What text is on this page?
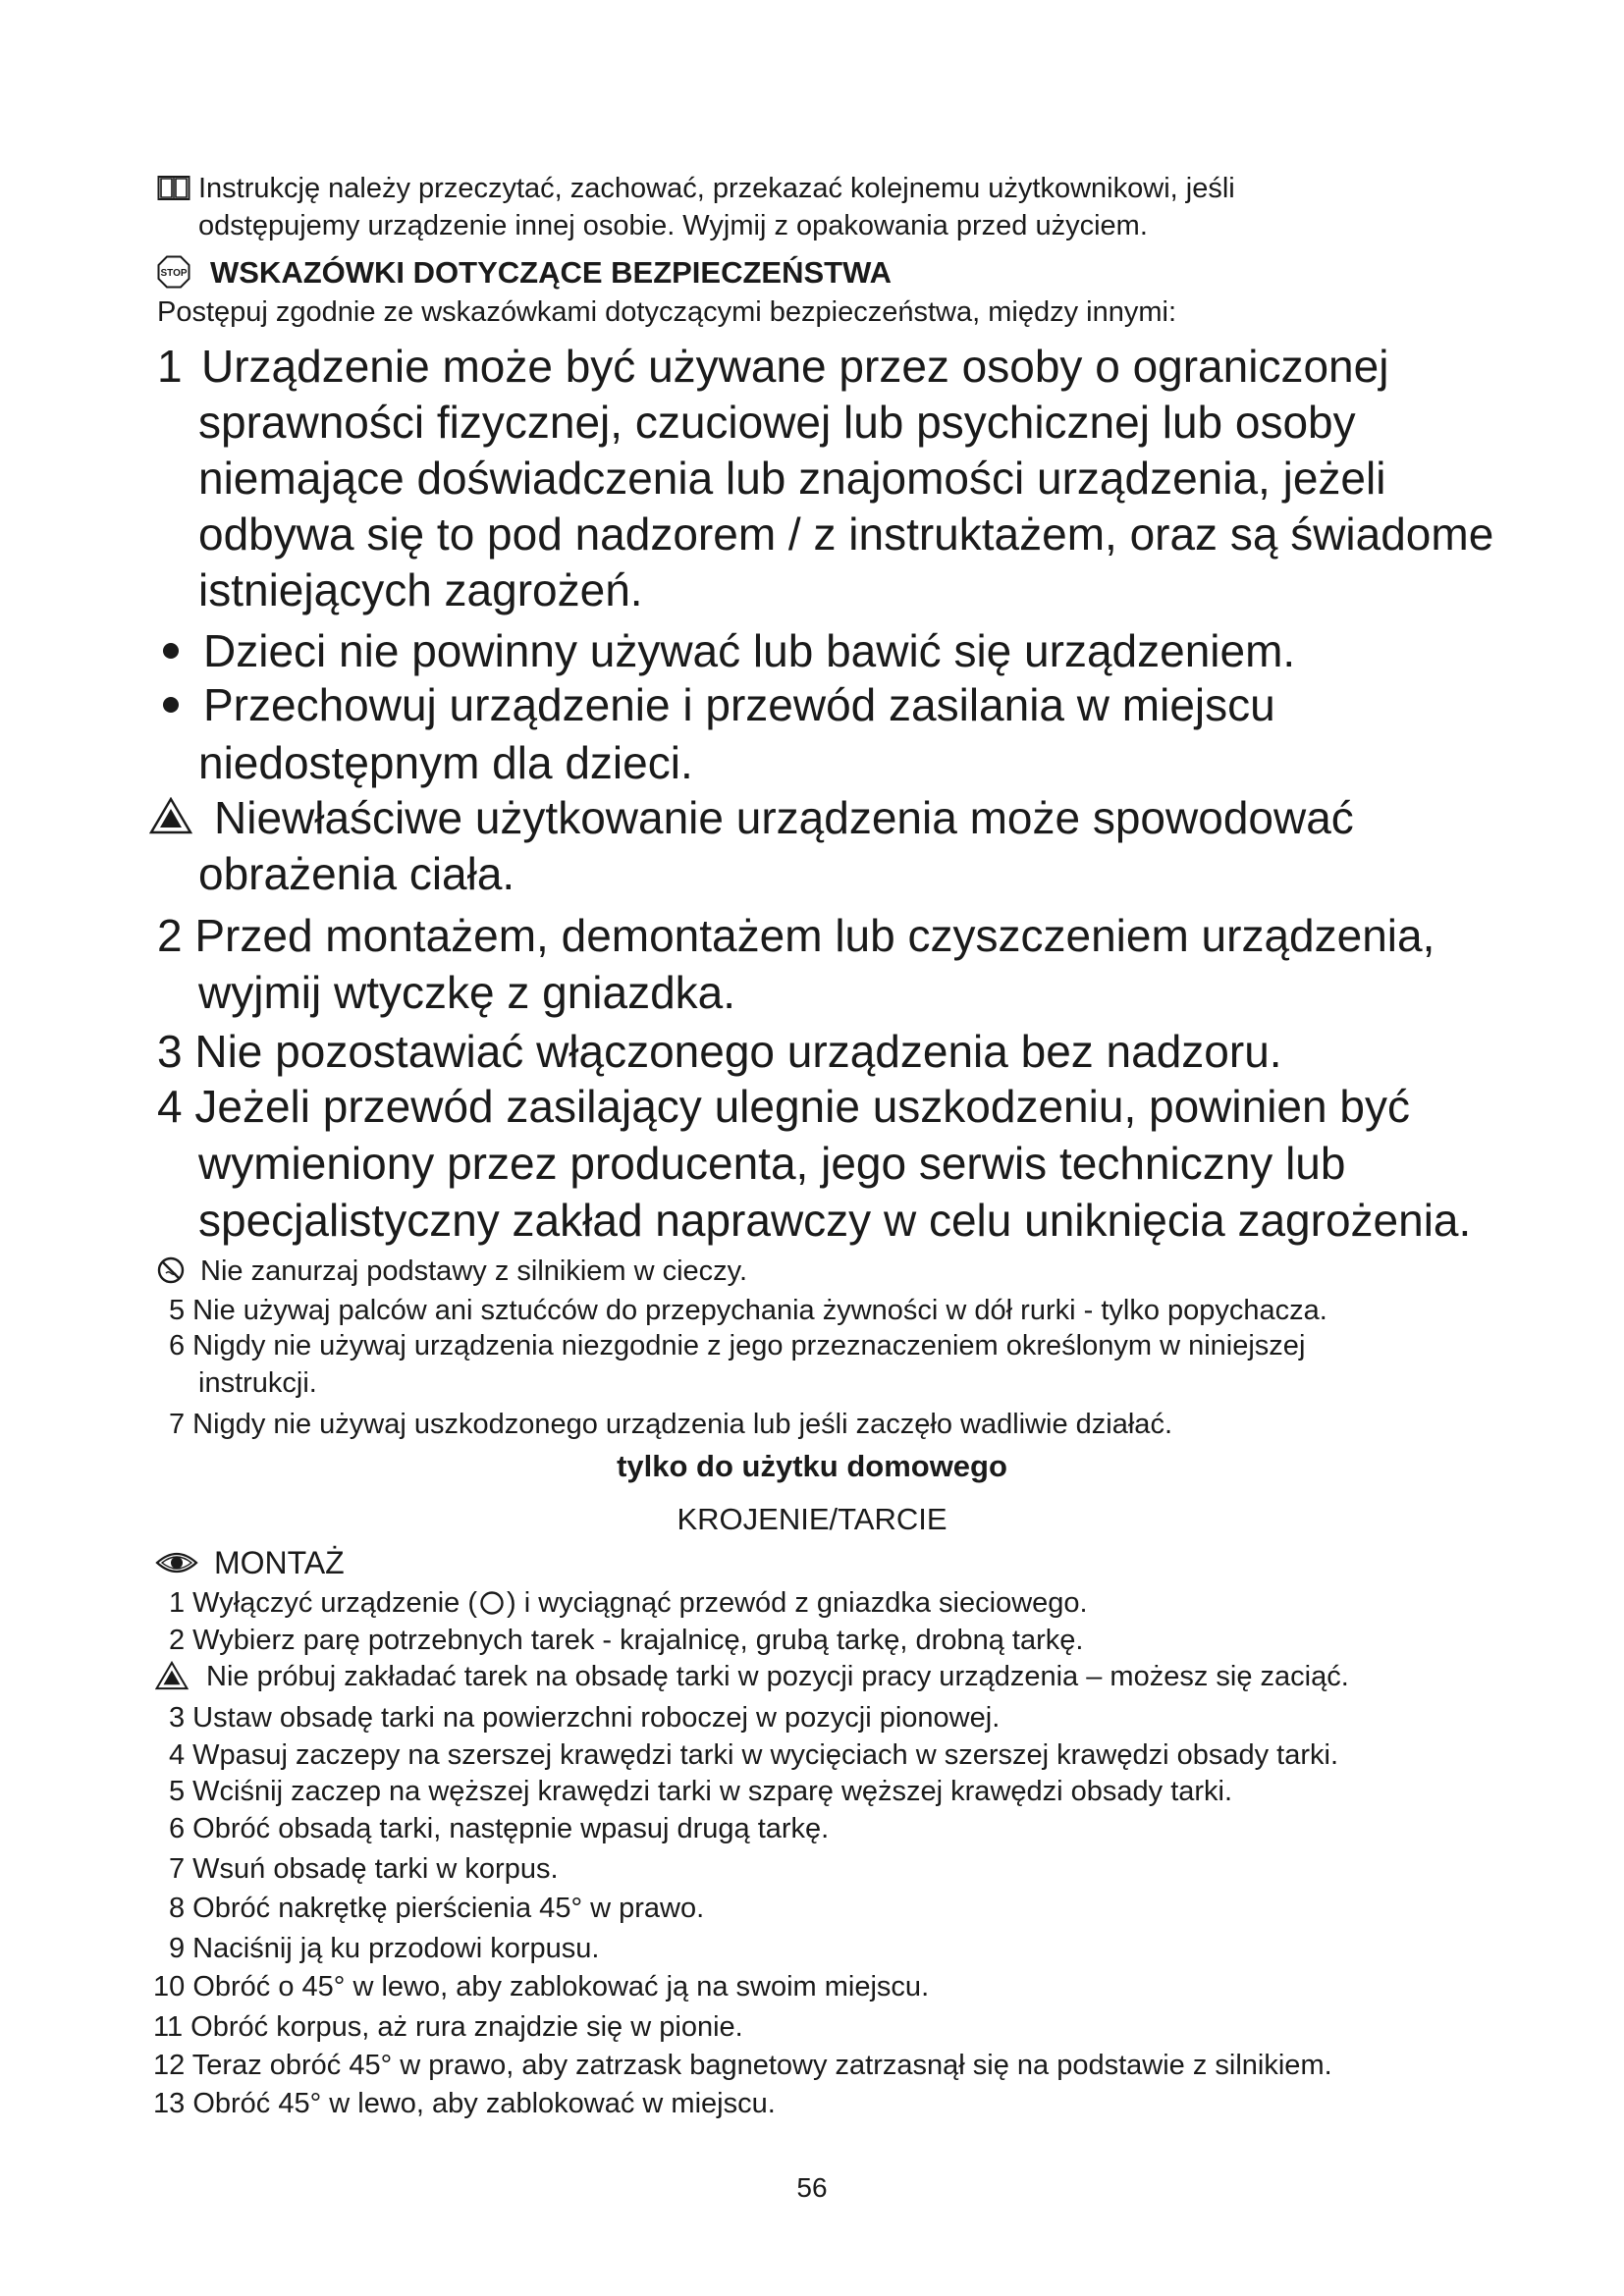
Instrukcję należy przeczytać, zachować, przekazać kolejnemu użytkownikowi, jeśli
odstępujemy urządzenie innej osobie. Wyjmij z opakowania przed użyciem.
STOP WSKAZÓWKI DOTYCZĄCE BEZPIECZEŃSTWA
Postępuj zgodnie ze wskazówkami dotyczącymi bezpieczeństwa, między innymi:
1 Urządzenie może być używane przez osoby o ograniczonej
sprawności fizycznej, czuciowej lub psychicznej lub osoby
niemające doświadczenia lub znajomości urządzenia, jeżeli
odbywa się to pod nadzorem / z instruktażem, oraz są świadome
istniejących zagrożeń.
Dzieci nie powinny używać lub bawić się urządzeniem.
Przechowuj urządzenie i przewód zasilania w miejscu
niedostępnym dla dzieci.
Niewłaściwe użytkowanie urządzenia może spowodować
obrażenia ciała.
2 Przed montażem, demontażem lub czyszczeniem urządzenia,
wyjmij wtyczkę z gniazdka.
3 Nie pozostawiać włączonego urządzenia bez nadzoru.
4 Jeżeli przewód zasilający ulegnie uszkodzeniu, powinien być
wymieniony przez producenta, jego serwis techniczny lub
specjalistyczny zakład naprawczy w celu uniknięcia zagrożenia.
Nie zanurzaj podstawy z silnikiem w cieczy.
5 Nie używaj palców ani sztućców do przepychania żywności w dół rurki - tylko popychacza.
6 Nigdy nie używaj urządzenia niezgodnie z jego przeznaczeniem określonym w niniejszej
instrukcji.
7 Nigdy nie używaj uszkodzonego urządzenia lub jeśli zaczęło wadliwie działać.
tylko do użytku domowego
KROJENIE/TARCIE
MONTAŻ
1 Wyłączyć urządzenie ( ) i wyciągnąć przewód z gniazdka sieciowego.
2 Wybierz parę potrzebnych tarek - krajalnicę, grubą tarkę, drobną tarkę.
Nie próbuj zakładać tarek na obsadę tarki w pozycji pracy urządzenia – możesz się zaciąć.
3 Ustaw obsadę tarki na powierzchni roboczej w pozycji pionowej.
4 Wpasuj zaczepy na szerszej krawędzi tarki w wycięciach w szerszej krawędzi obsady tarki.
5 Wciśnij zaczep na węższej krawędzi tarki w szparę węższej krawędzi obsady tarki.
6 Obróć obsadą tarki, następnie wpasuj drugą tarkę.
7 Wsuń obsadę tarki w korpus.
8 Obróć nakrętkę pierścienia 45° w prawo.
9 Naciśnij ją ku przodowi korpusu.
10 Obróć o 45° w lewo, aby zablokować ją na swoim miejscu.
11 Obróć korpus, aż rura znajdzie się w pionie.
12 Teraz obróć 45° w prawo, aby zatrzask bagnetowy zatrzasnął się na podstawie z silnikiem.
13 Obróć 45° w lewo, aby zablokować w miejscu.
56
